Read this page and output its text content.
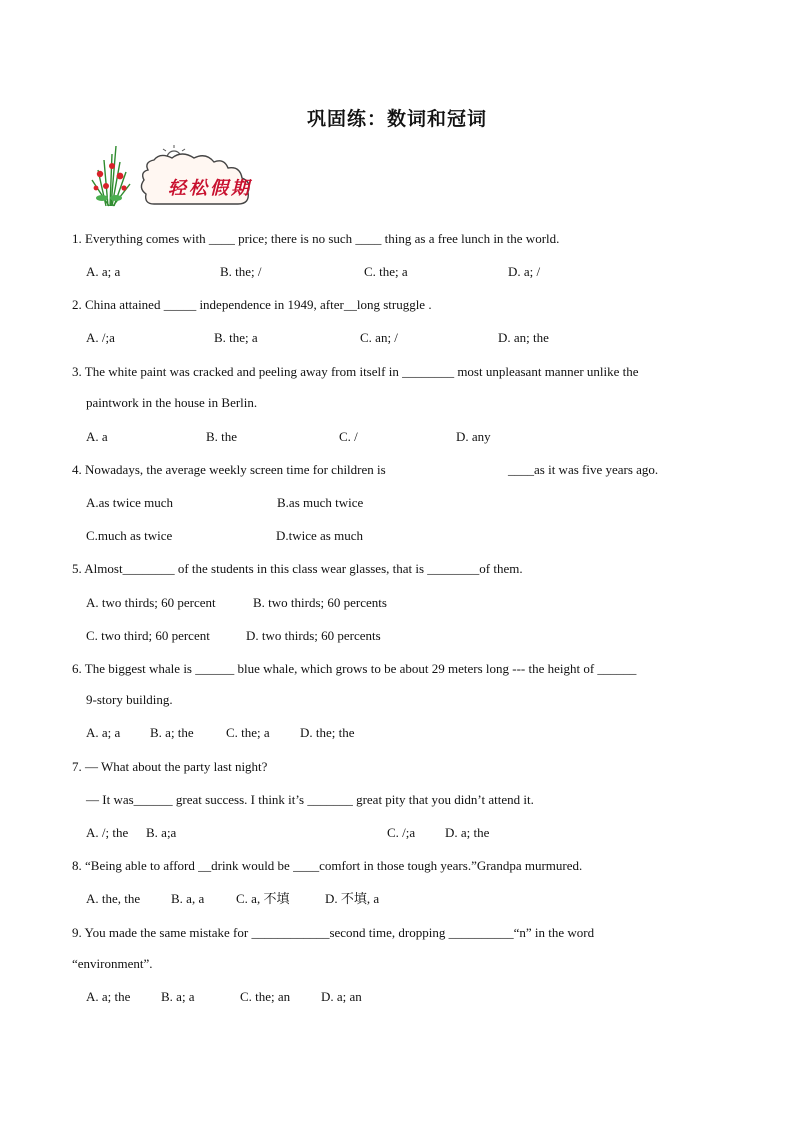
巩固练：数词和冠词
轻松假期
1. Everything comes with ____ price; there is no such ____ thing as a free lunch in the world.
A. a; a	B. the; /	C. the; a	D. a; /
2. China attained _____ independence in 1949, after__long struggle .
A. /;a	B. the; a	C. an; /	D. an; the
3. The white paint was cracked and peeling away from itself in ________ most unpleasant manner unlike the
paintwork in the house in Berlin.
A. a	B. the	C. /	D. any
4. Nowadays, the average weekly screen time for children is	____as it was five years ago.
A.as twice much	B.as much twice
C.much as twice	D.twice as much
5. Almost________ of the students in this class wear glasses, that is ________of them.
A. two thirds; 60 percent	B. two thirds; 60 percents
C. two third; 60 percent	D. two thirds; 60 percents
6. The biggest whale is ______ blue whale, which grows to be about 29 meters long --- the height of ______
9-story building.
A. a; a B. a; the C. the; a D. the; the
7. — What about the party last night?
— It was______ great success. I think it’s _______ great pity that you didn’t attend it.
A. /; the B. a;a	C. /;a D. a; the
8. “Being able to afford __drink would be ____comfort in those tough years.”Grandpa murmured.
A. the, the B. a, a C. a, 不填	D. 不填, a
9. You made the same mistake for ____________second time, dropping __________“n” in the word
“environment”.
A. a; the B. a; a	C. the; an D. a; an
